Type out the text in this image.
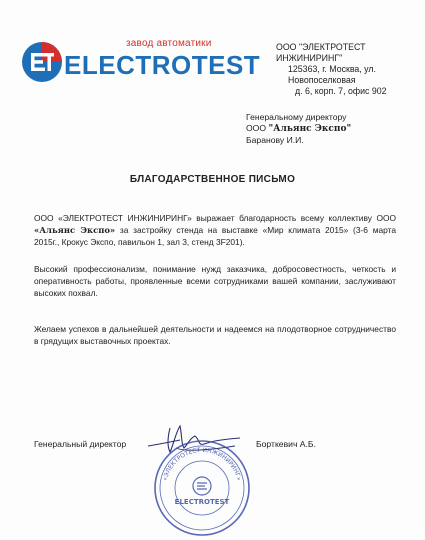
завод автоматики
ELECTROTEST
ООО "ЭЛЕКТРОТЕСТ ИНЖИНИРИНГ"
125363, г. Москва, ул. Новопоселковая
д. 6, корп. 7, офис 902
Генеральному директору
ООО "Альянс Экспо"
Баранову И.И.
БЛАГОДАРСТВЕННОЕ ПИСЬМО
ООО «ЭЛЕКТРОТЕСТ ИНЖИНИРИНГ» выражает благодарность всему коллективу ООО «Альянс Экспо» за застройку стенда на выставке «Мир климата 2015» (3-6 марта 2015г., Крокус Экспо, павильон 1, зал 3, стенд 3F201).
Высокий профессионализм, понимание нужд заказчика, добросовестность, четкость и оперативность работы, проявленные всеми сотрудниками вашей компании, заслуживают высоких похвал.
Желаем успехов в дальнейшей деятельности и надеемся на плодотворное сотрудничество в грядущих выставочных проектах.
Генеральный директор	Борткевич А.Б.
«ЭЛЕКТРОТЕСТ ИНЖИНИРИНГ»
ELECTROTEST
